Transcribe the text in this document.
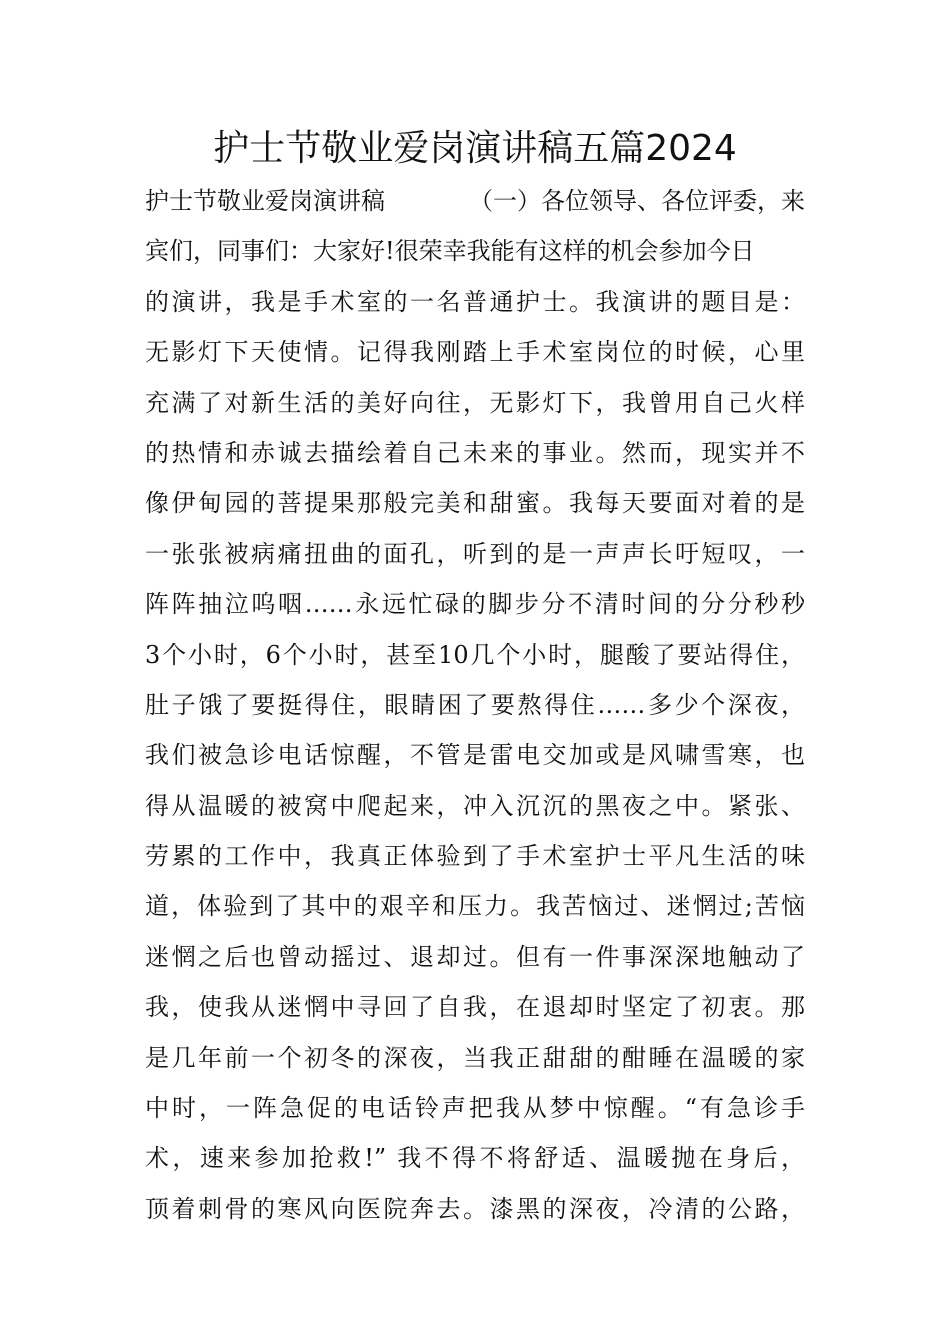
护士节敬业爱岗演讲稿五篇2024
护士节敬业爱岗演讲稿	（一）各位领导、各位评委，来
宾们，同事们：大家好!很荣幸我能有这样的机会参加今日
的演讲，我是手术室的一名普通护士。我演讲的题目是：
无影灯下天使情。记得我刚踏上手术室岗位的时候，心里
充满了对新生活的美好向往，无影灯下，我曾用自己火样
的热情和赤诚去描绘着自己未来的事业。然而，现实并不
像伊甸园的菩提果那般完美和甜蜜。我每天要面对着的是
一张张被病痛扭曲的面孔，听到的是一声声长吁短叹，一
阵阵抽泣呜咽……永远忙碌的脚步分不清时间的分分秒秒
3个小时，6个小时，甚至10几个小时，腿酸了要站得住，
肚子饿了要挺得住，眼睛困了要熬得住……多少个深夜，
我们被急诊电话惊醒，不管是雷电交加或是风啸雪寒，也
得从温暖的被窝中爬起来，冲入沉沉的黑夜之中。紧张、
劳累的工作中，我真正体验到了手术室护士平凡生活的味
道，体验到了其中的艰辛和压力。我苦恼过、迷惘过;苦恼
迷惘之后也曾动摇过、退却过。但有一件事深深地触动了
我，使我从迷惘中寻回了自我，在退却时坚定了初衷。那
是几年前一个初冬的深夜，当我正甜甜的酣睡在温暖的家
中时，一阵急促的电话铃声把我从梦中惊醒。“有急诊手
术，速来参加抢救!” 我不得不将舒适、温暖抛在身后，
顶着刺骨的寒风向医院奔去。漆黑的深夜，冷清的公路，
